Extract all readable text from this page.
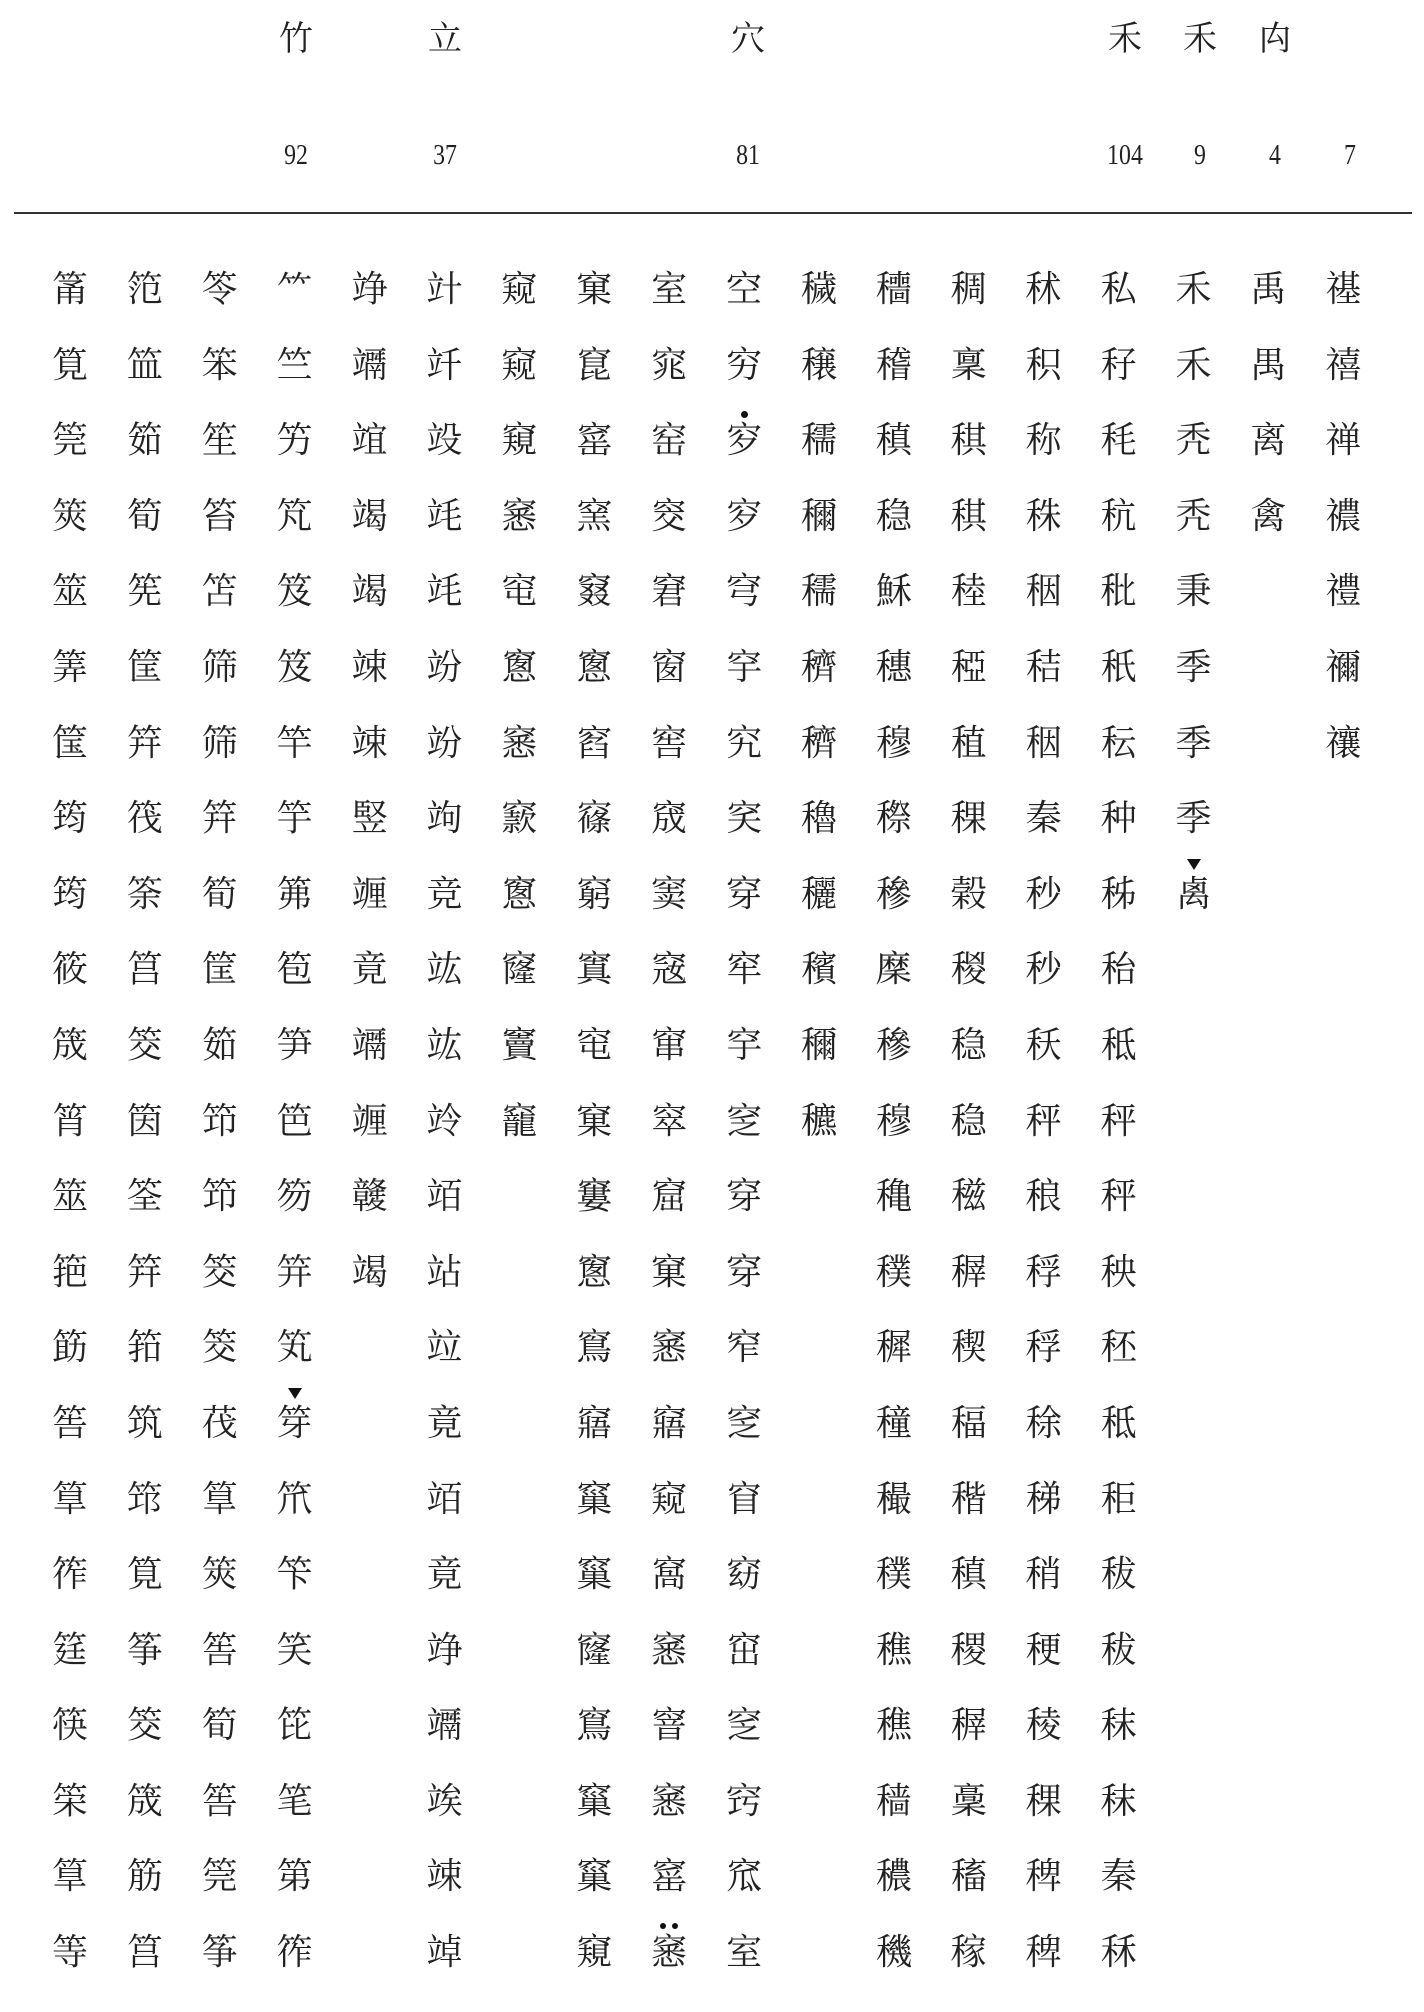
竹
92
立
37
穴
81
禾
104
禾
9
禸
4	7
筩
筧
筦
筴
筮
筭
筺
筠
筠
筱
筬
筲
筮
筢
筯
筶
筸
筰
筳
筷
筞
筸
等
笵
笽
筎
筍
筅
筐
筓
筏
筡
筥
筊
筃
筌
筓
筘
筑
筇
筧
筝
筊
筬
筋
筥
笭
笨
笙
笞
笘
筛
筛
筓
筍
筐
筎
笻
笻
筊
筊
茷
筸
筴
筶
筍
筶
筦
筝
⺮
竺
竻
竼
笈
笈
竿
竽
笰
笣
笋
笆
笏
笄
笂
笌
笊
笇
笑
笓
笔
第
筰
竫
竵
竩
竭
竭
竦
竦
竪
竰
竟
竵
竰
竷
竭
竍
竏
竐
竓
竓
竕
竕
竘
竞
竑
竑
竛
竡
站
竝
竟
竡
竟
竫
竵
竢
竦
竨
窥
窥
窺
窸
窀
窻
窸
窾
窻
窿
竇
竉
窠
窤
窰
窯
窡
窻
窞
窱
窮
窴
窀
窠
窶
窻
窵
窹
窼
窼
窿
窵
窼
窼
窺
室
窕
窑
窔
窘
窗
窖
窚
窦
窛
窜
窣
窟
窠
窸
窹
窥
窩
窸
窨
窸
窰
窸
空
穷
穸
穸
穹
穻
究
穾
穿
窂
穻
窆
穿
穿
窄
窆
窅
窈
窋
窆
窍
窊
室
穢
穣
穤
穪
穤
穧
穧
穭
穲
穦
穪
穮
穯
稽
稹
稳
穌
穗
穆
穄
穇
穈
穇
穆
穐
穙
穉
穜
穝
穙
穛
穛
穑
穠
穖
稠
稟
稘
稘
稑
稏
稙
稞
榖
稯
稳
稳
稵
稺
稧
稫
稭
稹
稷
稺
稾
稸
稼
秫
积
称
秼
秵
秸
秵
秦
秒
秒
秗
秤
稂
稃
稃
稌
稊
稍
稉
稜
稞
稗
稗
私
秄
秏
秔
秕
秖
秐
种
秭
秮
秪
秤
秤
秧
秠
秪
秬
秡
秡
秣
秣
秦
秝
禾
禾
秃
秃
秉
季
季
季
禼
禹
禺
离
禽
禥
禧
禅
禯
禮
禰
禳
